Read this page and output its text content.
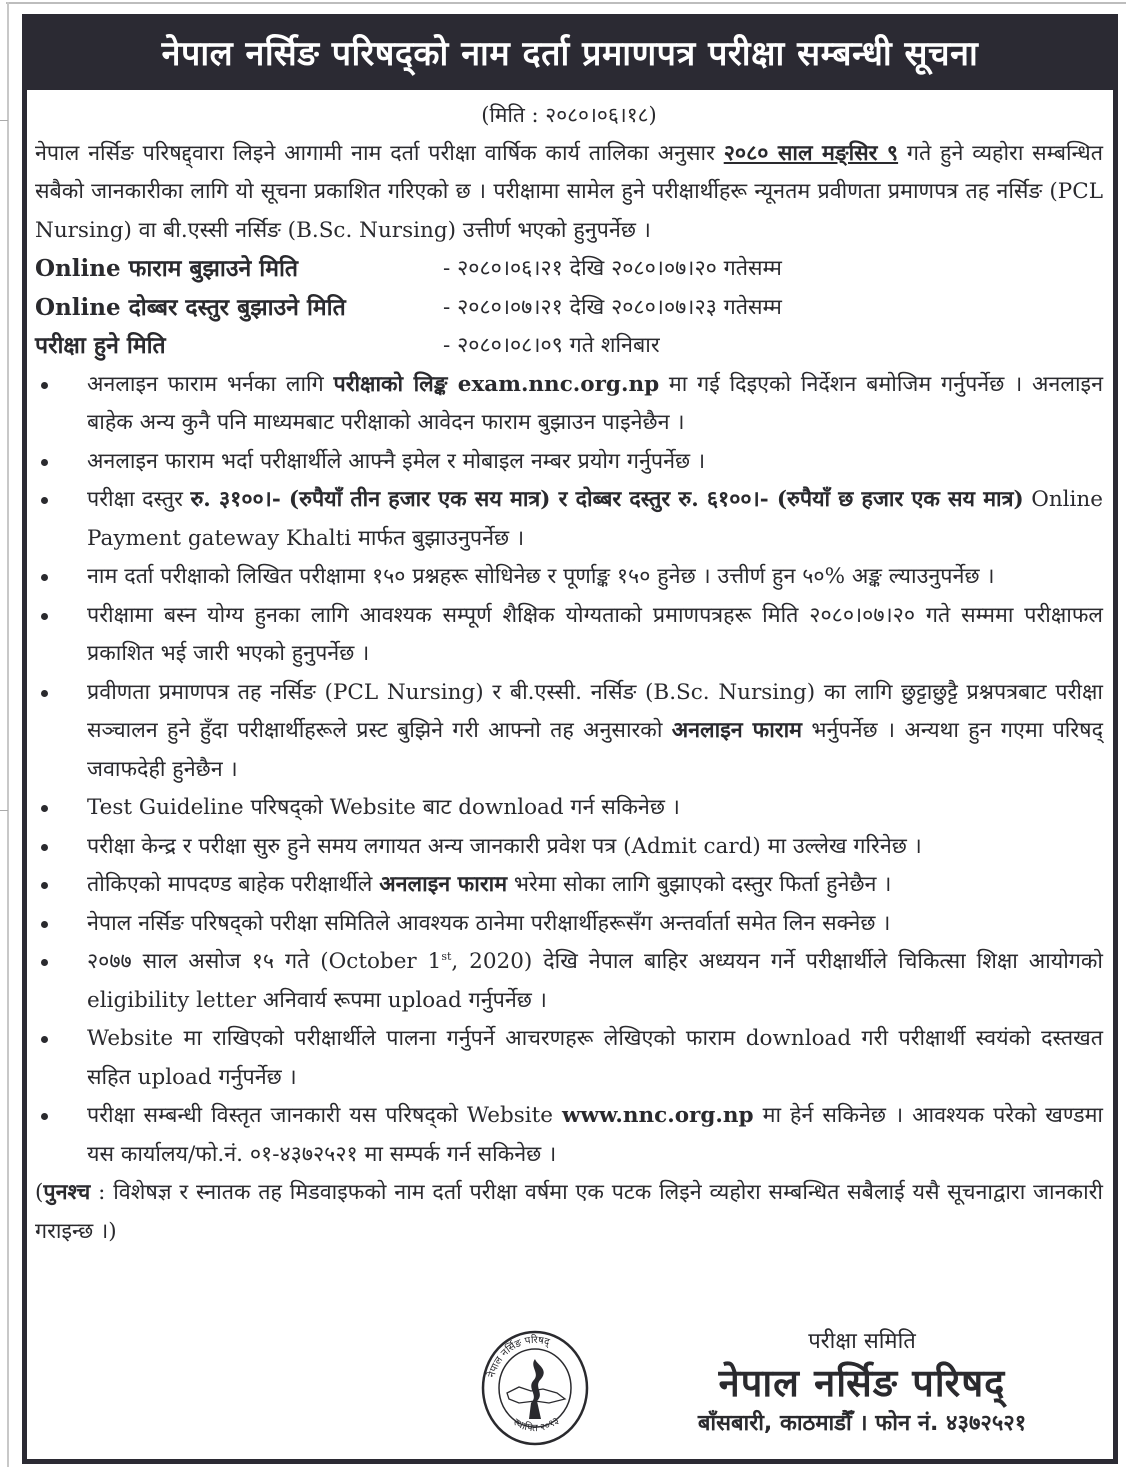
नेपाल नर्सिङ परिषद्को नाम दर्ता प्रमाणपत्र परीक्षा सम्बन्धी सूचना
(मिति : २०८०।०६।१८)
नेपाल नर्सिङ परिषद्द्वारा लिइने आगामी नाम दर्ता परीक्षा वार्षिक कार्य तालिका अनुसार २०८० साल मङ्सिर ९ गते हुने व्यहोरा सम्बन्धित सबैको जानकारीका लागि यो सूचना प्रकाशित गरिएको छ । परीक्षामा सामेल हुने परीक्षार्थीहरू न्यूनतम प्रवीणता प्रमाणपत्र तह नर्सिङ (PCL Nursing) वा बी.एस्सी नर्सिङ (B.Sc. Nursing) उत्तीर्ण भएको हुनुपर्नेछ ।
Online फाराम बुझाउने मिति	- २०८०।०६।२१ देखि २०८०।०७।२० गतेसम्म
Online दोब्बर दस्तुर बुझाउने मिति	- २०८०।०७।२१ देखि २०८०।०७।२३ गतेसम्म
परीक्षा हुने मिति	- २०८०।०८।०९ गते शनिबार
अनलाइन फाराम भर्नका लागि परीक्षाको लिङ्क exam.nnc.org.np मा गई दिइएको निर्देशन बमोजिम गर्नुपर्नेछ । अनलाइन बाहेक अन्य कुनै पनि माध्यमबाट परीक्षाको आवेदन फाराम बुझाउन पाइनेछैन ।
अनलाइन फाराम भर्दा परीक्षार्थीले आफ्नै इमेल र मोबाइल नम्बर प्रयोग गर्नुपर्नेछ ।
परीक्षा दस्तुर रु. ३१००।- (रुपैयाँ तीन हजार एक सय मात्र) र दोब्बर दस्तुर रु. ६१००।- (रुपैयाँ छ हजार एक सय मात्र) Online Payment gateway Khalti मार्फत बुझाउनुपर्नेछ ।
नाम दर्ता परीक्षाको लिखित परीक्षामा १५० प्रश्नहरू सोधिनेछ र पूर्णाङ्क १५० हुनेछ । उत्तीर्ण हुन ५०% अङ्क ल्याउनुपर्नेछ ।
परीक्षामा बस्न योग्य हुनका लागि आवश्यक सम्पूर्ण शैक्षिक योग्यताको प्रमाणपत्रहरू मिति २०८०।०७।२० गते सम्ममा परीक्षाफल प्रकाशित भई जारी भएको हुनुपर्नेछ ।
प्रवीणता प्रमाणपत्र तह नर्सिङ (PCL Nursing) र बी.एस्सी. नर्सिङ (B.Sc. Nursing) का लागि छुट्टाछुट्टै प्रश्नपत्रबाट परीक्षा सञ्चालन हुने हुँदा परीक्षार्थीहरूले प्रस्ट बुझिने गरी आफ्नो तह अनुसारको अनलाइन फाराम भर्नुपर्नेछ । अन्यथा हुन गएमा परिषद् जवाफदेही हुनेछैन ।
Test Guideline परिषद्को Website बाट download गर्न सकिनेछ ।
परीक्षा केन्द्र र परीक्षा सुरु हुने समय लगायत अन्य जानकारी प्रवेश पत्र (Admit card) मा उल्लेख गरिनेछ ।
तोकिएको मापदण्ड बाहेक परीक्षार्थीले अनलाइन फाराम भरेमा सोका लागि बुझाएको दस्तुर फिर्ता हुनेछैन ।
नेपाल नर्सिङ परिषद्को परीक्षा समितिले आवश्यक ठानेमा परीक्षार्थीहरूसँग अन्तर्वार्ता समेत लिन सक्नेछ ।
२०७७ साल असोज १५ गते (October 1st, 2020) देखि नेपाल बाहिर अध्ययन गर्ने परीक्षार्थीले चिकित्सा शिक्षा आयोगको eligibility letter अनिवार्य रूपमा upload गर्नुपर्नेछ ।
Website मा राखिएको परीक्षार्थीले पालना गर्नुपर्ने आचरणहरू लेखिएको फाराम download गरी परीक्षार्थी स्वयंको दस्तखत सहित upload गर्नुपर्नेछ ।
परीक्षा सम्बन्धी विस्तृत जानकारी यस परिषद्को Website www.nnc.org.np मा हेर्न सकिनेछ । आवश्यक परेको खण्डमा यस कार्यालय/फो.नं. ०१-४३७२५२१ मा सम्पर्क गर्न सकिनेछ ।
(पुनश्च : विशेषज्ञ र स्नातक तह मिडवाइफको नाम दर्ता परीक्षा वर्षमा एक पटक लिइने व्यहोरा सम्बन्धित सबैलाई यसै सूचनाद्वारा जानकारी गराइन्छ ।)
नेपाल नर्सिङ परिषद्
स्थापित २०१३
परीक्षा समिति
नेपाल नर्सिङ परिषद्
बाँसबारी, काठमाडौँ । फोन नं. ४३७२५२१
